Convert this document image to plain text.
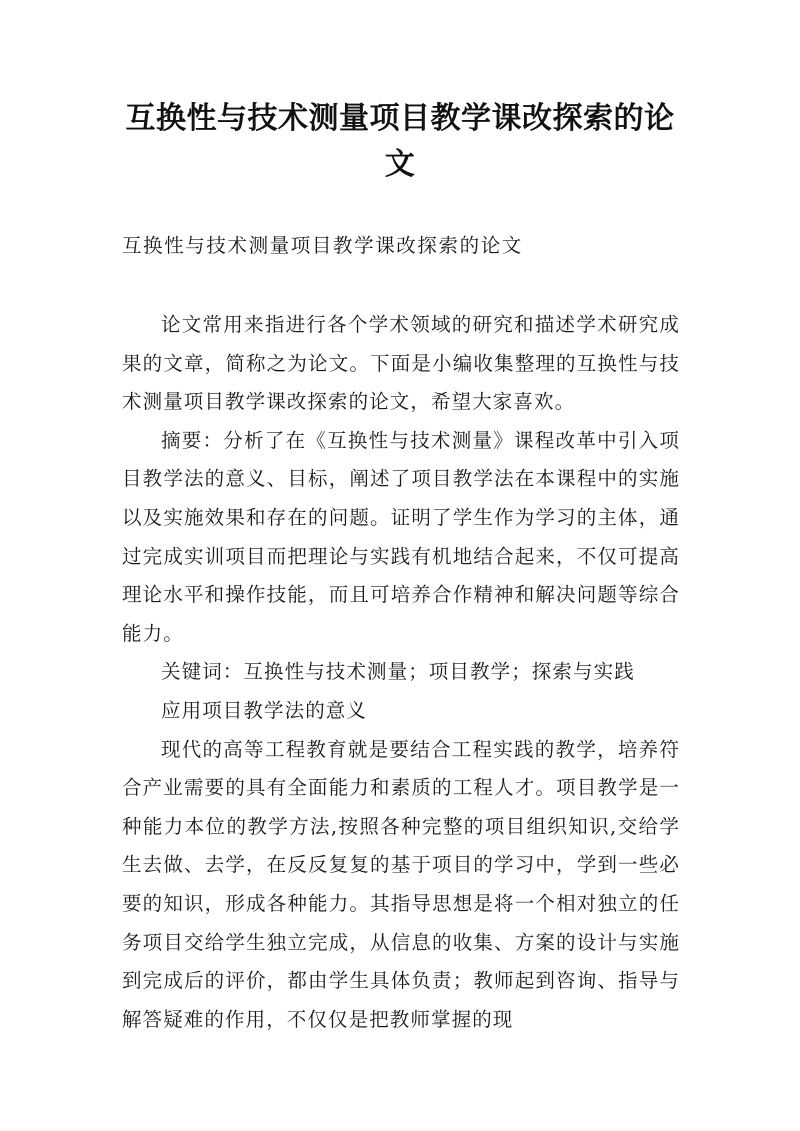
互换性与技术测量项目教学课改探索的论文
互换性与技术测量项目教学课改探索的论文

论文常用来指进行各个学术领域的研究和描述学术研究成果的文章，简称之为论文。下面是小编收集整理的互换性与技术测量项目教学课改探索的论文，希望大家喜欢。

摘要：分析了在《互换性与技术测量》课程改革中引入项目教学法的意义、目标，阐述了项目教学法在本课程中的实施以及实施效果和存在的问题。证明了学生作为学习的主体，通过完成实训项目而把理论与实践有机地结合起来，不仅可提高理论水平和操作技能，而且可培养合作精神和解决问题等综合能力。

关键词：互换性与技术测量；项目教学；探索与实践

应用项目教学法的意义

现代的高等工程教育就是要结合工程实践的教学，培养符合产业需要的具有全面能力和素质的工程人才。项目教学是一种能力本位的教学方法,按照各种完整的项目组织知识,交给学生去做、去学，在反反复复的基于项目的学习中，学到一些必要的知识，形成各种能力。其指导思想是将一个相对独立的任务项目交给学生独立完成，从信息的收集、方案的设计与实施到完成后的评价，都由学生具体负责；教师起到咨询、指导与解答疑难的作用，不仅仅是把教师掌握的现
